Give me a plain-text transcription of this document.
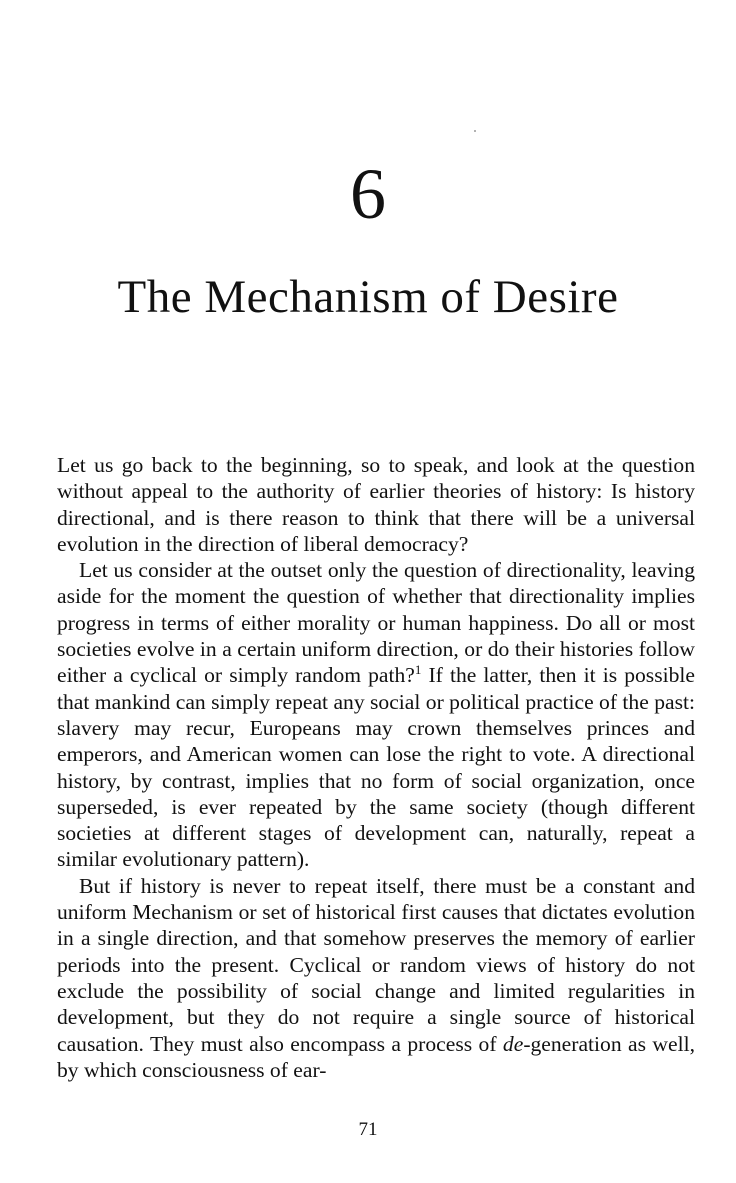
6
The Mechanism of Desire

Let us go back to the beginning, so to speak, and look at the question without appeal to the authority of earlier theories of history: Is history directional, and is there reason to think that there will be a universal evolution in the direction of liberal democracy?

Let us consider at the outset only the question of directionality, leaving aside for the moment the question of whether that directionality implies progress in terms of either morality or human happiness. Do all or most societies evolve in a certain uniform direction, or do their histories follow either a cyclical or simply random path?$^1$ If the latter, then it is possible that mankind can simply repeat any social or political practice of the past: slavery may recur, Europeans may crown themselves princes and emperors, and American women can lose the right to vote. A directional history, by contrast, implies that no form of social organization, once superseded, is ever repeated by the same society (though different societies at different stages of development can, naturally, repeat a similar evolutionary pattern).

But if history is never to repeat itself, there must be a constant and uniform Mechanism or set of historical first causes that dictates evolution in a single direction, and that somehow preserves the memory of earlier periods into the present. Cyclical or random views of history do not exclude the possibility of social change and limited regularities in development, but they do not require a single source of historical causation. They must also encompass a process of de-generation as well, by which consciousness of ear-

71
